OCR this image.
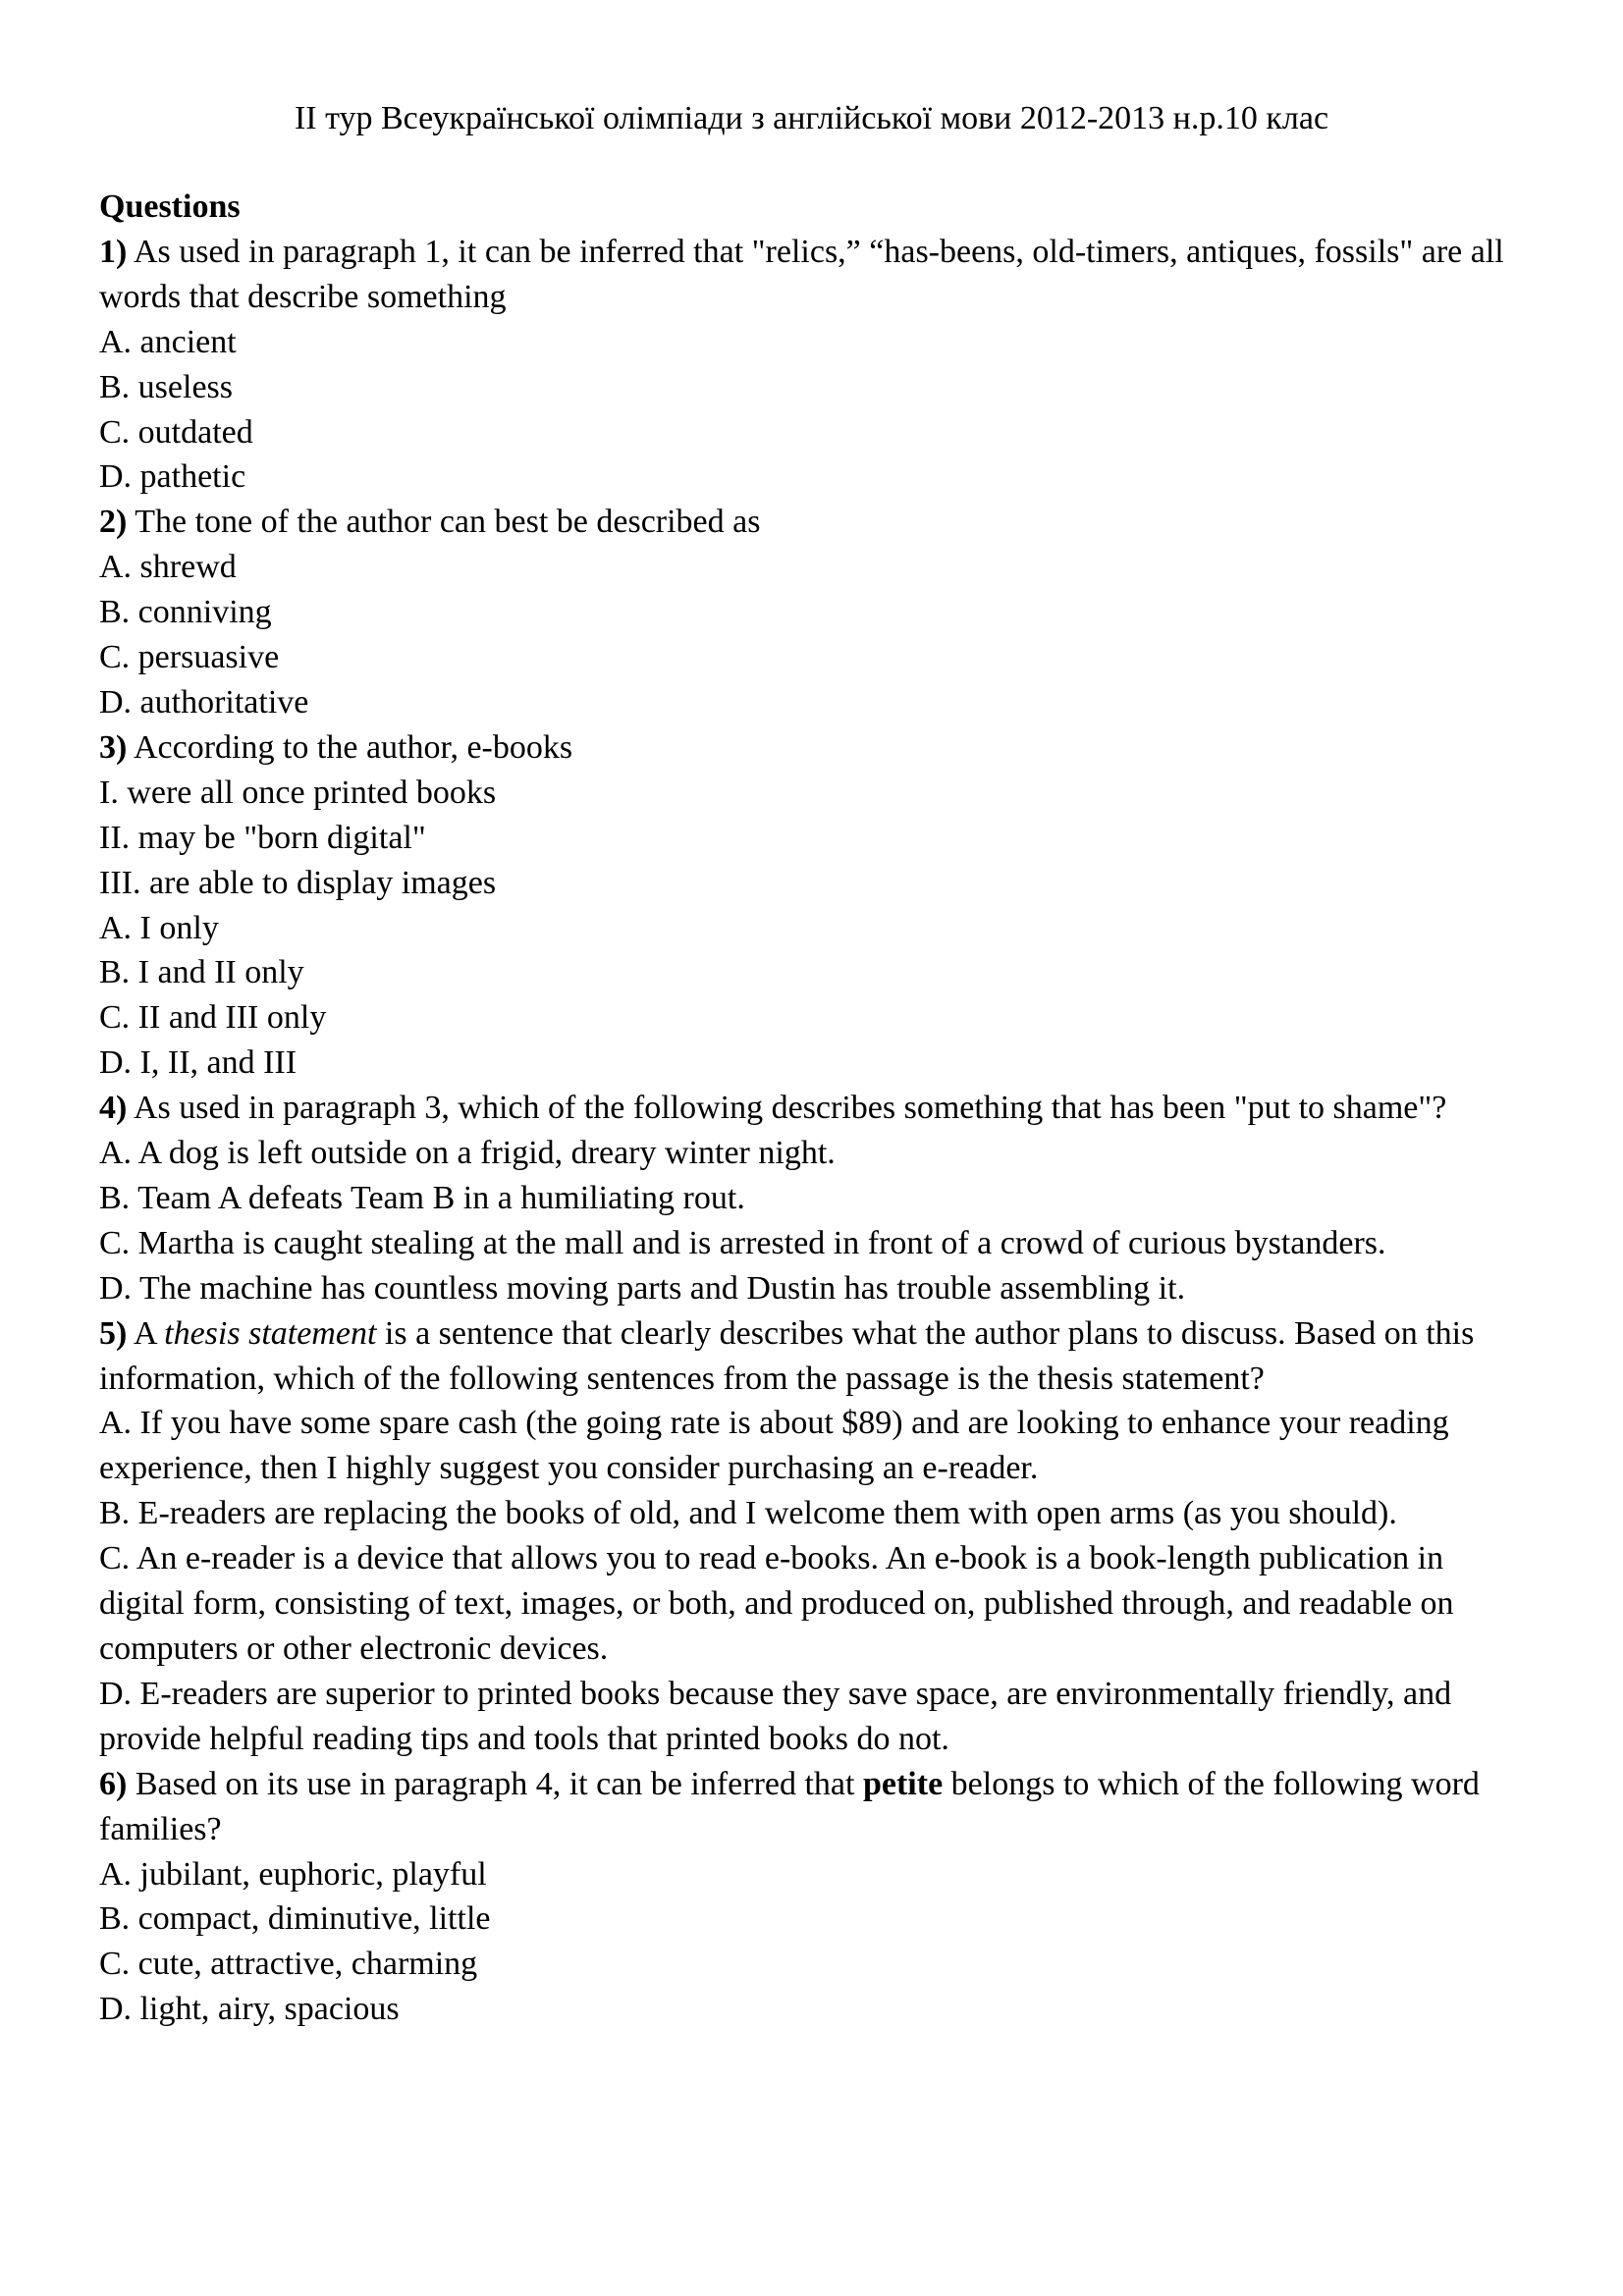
II тур Всеукраїнської олімпіади з англійської мови 2012-2013 н.р.10 клас
Questions
1) As used in paragraph 1, it can be inferred that "relics,” “has-beens, old-timers, antiques, fossils" are all words that describe something
A. ancient
B. useless
C. outdated
D. pathetic
2) The tone of the author can best be described as
A. shrewd
B. conniving
C. persuasive
D. authoritative
3) According to the author, e-books
I. were all once printed books
II. may be "born digital"
III. are able to display images
A. I only
B. I and II only
C. II and III only
D. I, II, and III
4) As used in paragraph 3, which of the following describes something that has been "put to shame"?
A. A dog is left outside on a frigid, dreary winter night.
B. Team A defeats Team B in a humiliating rout.
C. Martha is caught stealing at the mall and is arrested in front of a crowd of curious bystanders.
D. The machine has countless moving parts and Dustin has trouble assembling it.
5) A thesis statement is a sentence that clearly describes what the author plans to discuss. Based on this information, which of the following sentences from the passage is the thesis statement?
A. If you have some spare cash (the going rate is about $89) and are looking to enhance your reading experience, then I highly suggest you consider purchasing an e-reader.
B. E-readers are replacing the books of old, and I welcome them with open arms (as you should).
C. An e-reader is a device that allows you to read e-books. An e-book is a book-length publication in digital form, consisting of text, images, or both, and produced on, published through, and readable on computers or other electronic devices.
D. E-readers are superior to printed books because they save space, are environmentally friendly, and provide helpful reading tips and tools that printed books do not.
6) Based on its use in paragraph 4, it can be inferred that petite belongs to which of the following word families?
A. jubilant, euphoric, playful
B. compact, diminutive, little
C. cute, attractive, charming
D. light, airy, spacious
